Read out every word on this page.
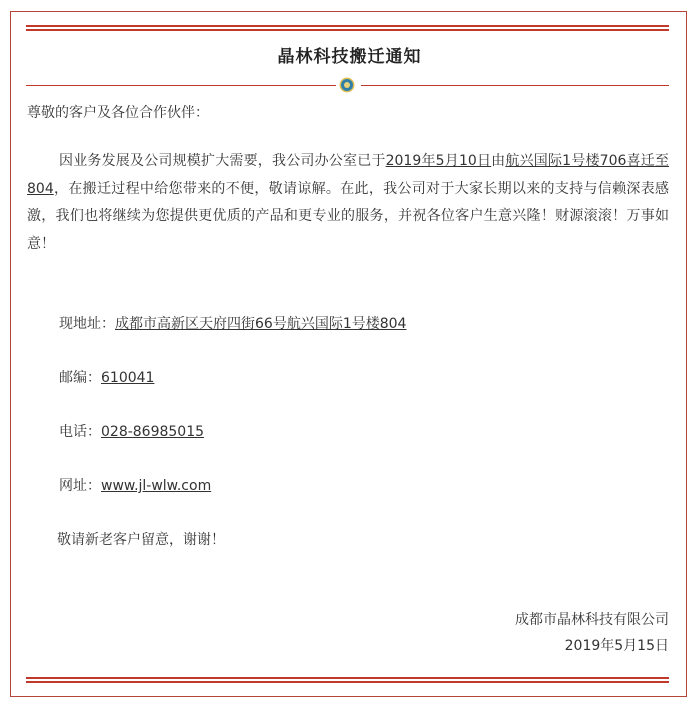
晶林科技搬迁通知
尊敬的客户及各位合作伙伴：
因业务发展及公司规模扩大需要，我公司办公室已于2019年5月10日由航兴国际1号楼706喜迁至804，在搬迁过程中给您带来的不便，敬请谅解。在此，我公司对于大家长期以来的支持与信赖深表感激，我们也将继续为您提供更优质的产品和更专业的服务，并祝各位客户生意兴隆！财源滚滚！万事如意！
现地址：成都市高新区天府四街66号航兴国际1号楼804
邮编：610041
电话：028-86985015
网址：www.jl-wlw.com
敬请新老客户留意，谢谢！
成都市晶林科技有限公司
2019年5月15日
